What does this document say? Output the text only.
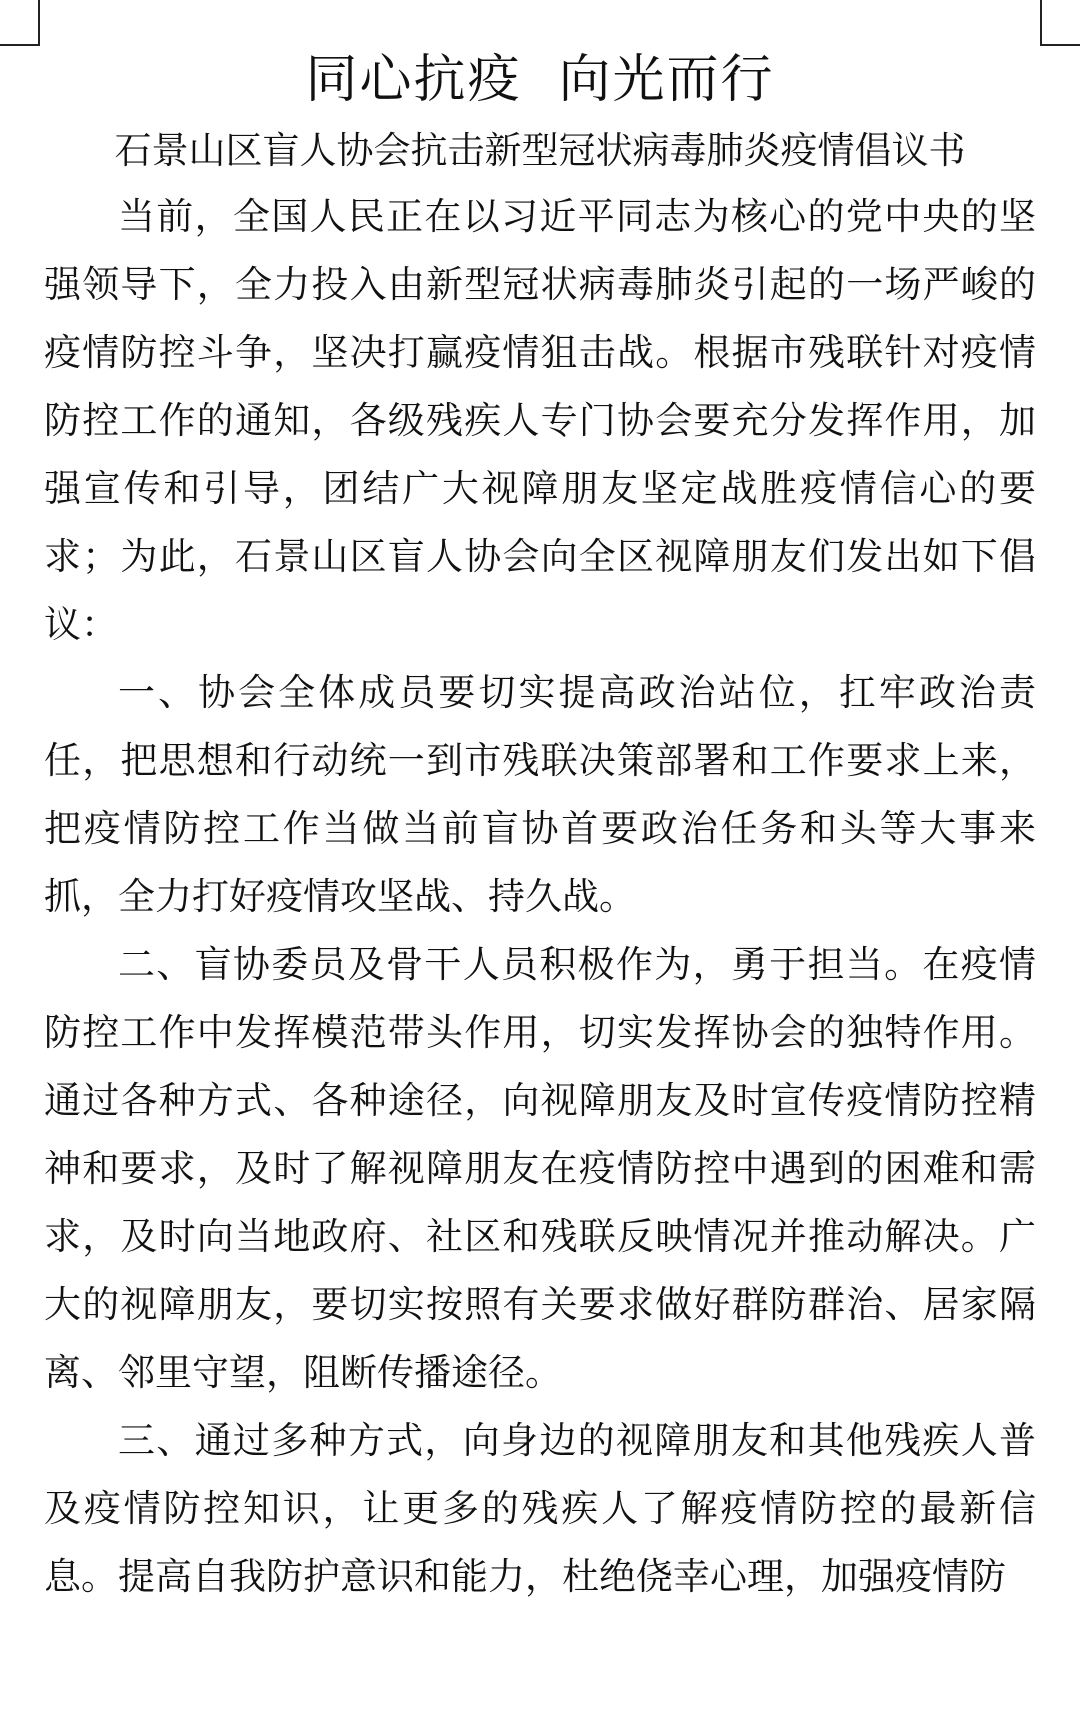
同心抗疫  向光而行
石景山区盲人协会抗击新型冠状病毒肺炎疫情倡议书

当前，全国人民正在以习近平同志为核心的党中央的坚强领导下，全力投入由新型冠状病毒肺炎引起的一场严峻的疫情防控斗争，坚决打赢疫情狙击战。根据市残联针对疫情防控工作的通知，各级残疾人专门协会要充分发挥作用，加强宣传和引导，团结广大视障朋友坚定战胜疫情信心的要求；为此，石景山区盲人协会向全区视障朋友们发出如下倡议：

一、协会全体成员要切实提高政治站位，扛牢政治责任，把思想和行动统一到市残联决策部署和工作要求上来，把疫情防控工作当做当前盲协首要政治任务和头等大事来抓，全力打好疫情攻坚战、持久战。

二、盲协委员及骨干人员积极作为，勇于担当。在疫情防控工作中发挥模范带头作用，切实发挥协会的独特作用。通过各种方式、各种途径，向视障朋友及时宣传疫情防控精神和要求，及时了解视障朋友在疫情防控中遇到的困难和需求，及时向当地政府、社区和残联反映情况并推动解决。广大的视障朋友，要切实按照有关要求做好群防群治、居家隔离、邻里守望，阻断传播途径。

三、通过多种方式，向身边的视障朋友和其他残疾人普及疫情防控知识，让更多的残疾人了解疫情防控的最新信息。提高自我防护意识和能力，杜绝侥幸心理，加强疫情防
